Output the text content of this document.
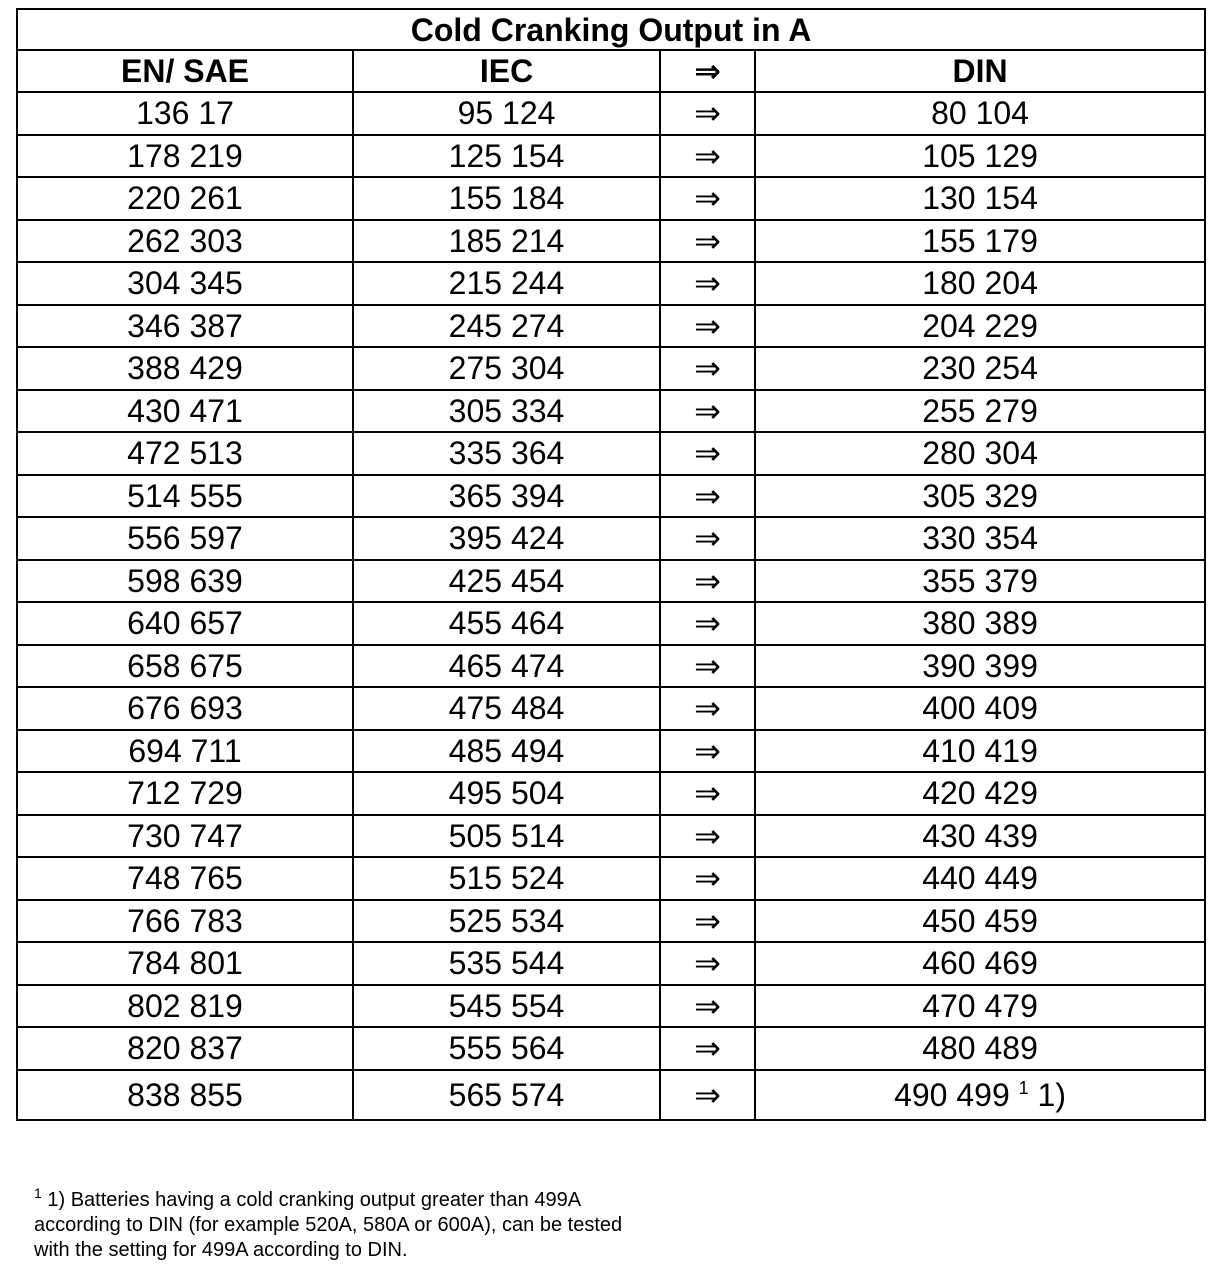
Cold Cranking Output in A			
EN/ SAE	IEC	⇒	DIN
136 17	95 124	⇒	80 104
178 219	125 154	⇒	105 129
220 261	155 184	⇒	130 154
262 303	185 214	⇒	155 179
304 345	215 244	⇒	180 204
346 387	245 274	⇒	204 229
388 429	275 304	⇒	230 254
430 471	305 334	⇒	255 279
472 513	335 364	⇒	280 304
514 555	365 394	⇒	305 329
556 597	395 424	⇒	330 354
598 639	425 454	⇒	355 379
640 657	455 464	⇒	380 389
658 675	465 474	⇒	390 399
676 693	475 484	⇒	400 409
694 711	485 494	⇒	410 419
712 729	495 504	⇒	420 429
730 747	505 514	⇒	430 439
748 765	515 524	⇒	440 449
766 783	525 534	⇒	450 459
784 801	535 544	⇒	460 469
802 819	545 554	⇒	470 479
820 837	555 564	⇒	480 489
838 855	565 574	⇒	490 499 $^1$ 1)
$^1$ 1) Batteries having a cold cranking output greater than 499A
according to DIN (for example 520A, 580A or 600A), can be tested
with the setting for 499A according to DIN.
